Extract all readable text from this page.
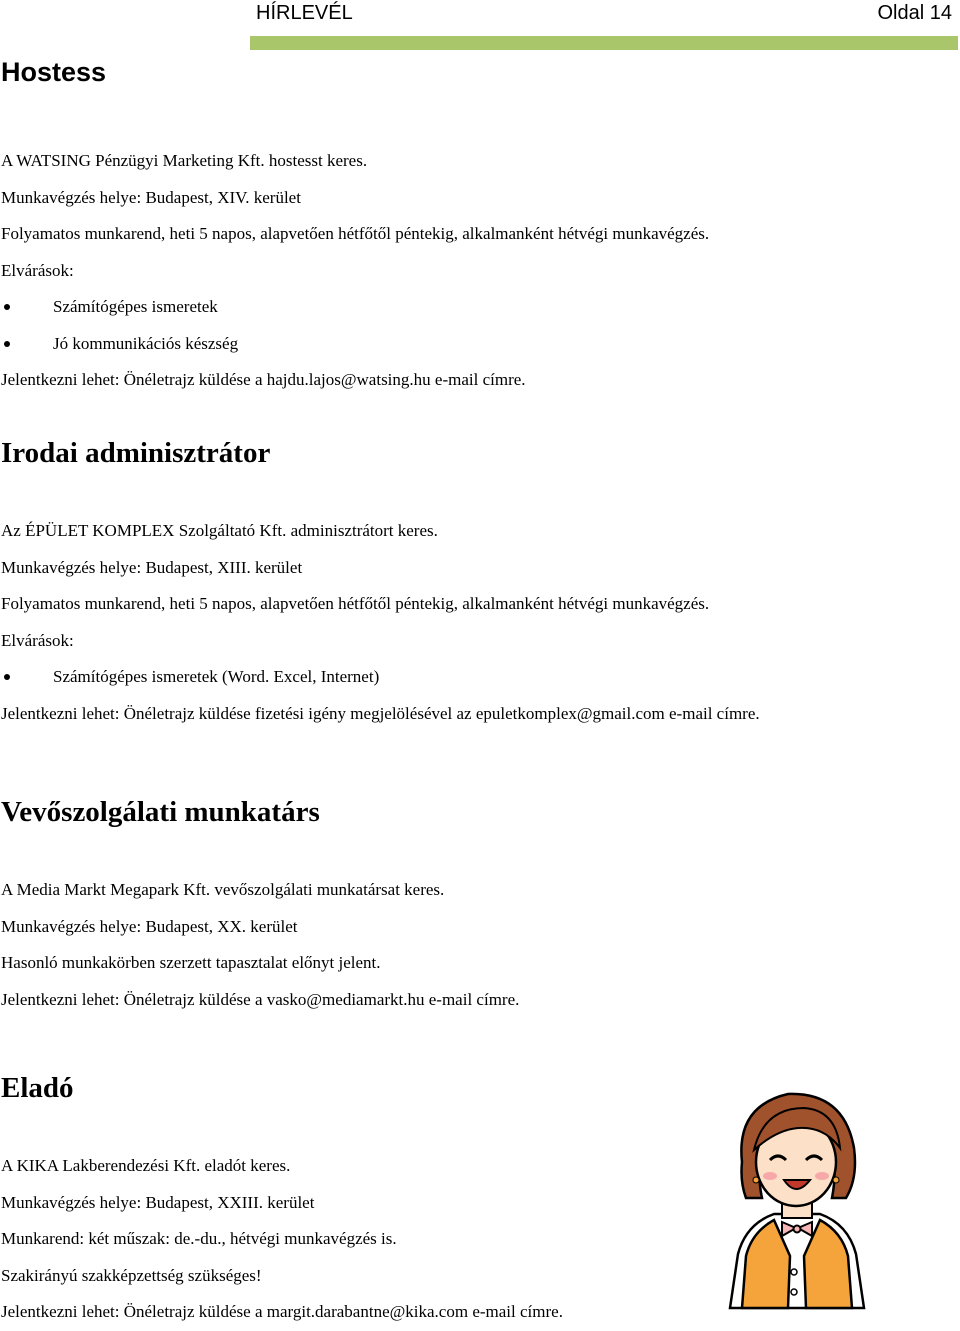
HÍRLEVÉL	Oldal 14
Hostess

A WATSING Pénzügyi Marketing Kft. hostesst keres.

Munkavégzés helye: Budapest, XIV. kerület

Folyamatos munkarend, heti 5 napos, alapvetően hétfőtől péntekig, alkalmanként hétvégi munkavégzés.

Elvárások:

Számítógépes ismeretek

Jó kommunikációs készség

Jelentkezni lehet: Önéletrajz küldése a hajdu.lajos@watsing.hu e-mail címre.

Irodai adminisztrátor

Az ÉPÜLET KOMPLEX Szolgáltató Kft. adminisztrátort keres.

Munkavégzés helye: Budapest, XIII. kerület

Folyamatos munkarend, heti 5 napos, alapvetően hétfőtől péntekig, alkalmanként hétvégi munkavégzés.

Elvárások:

Számítógépes ismeretek (Word. Excel, Internet)

Jelentkezni lehet: Önéletrajz küldése fizetési igény megjelölésével az epuletkomplex@gmail.com e-mail címre.

Vevőszolgálati munkatárs

A Media Markt Megapark Kft. vevőszolgálati munkatársat keres.

Munkavégzés helye: Budapest, XX. kerület

Hasonló munkakörben szerzett tapasztalat előnyt jelent.

Jelentkezni lehet: Önéletrajz küldése a vasko@mediamarkt.hu e-mail címre.

Eladó

A KIKA Lakberendezési Kft. eladót keres.

Munkavégzés helye: Budapest, XXIII. kerület

Munkarend: két műszak: de.-du., hétvégi munkavégzés is.

Szakirányú szakképzettség szükséges!

Jelentkezni lehet: Önéletrajz küldése a margit.darabantne@kika.com e-mail címre.
